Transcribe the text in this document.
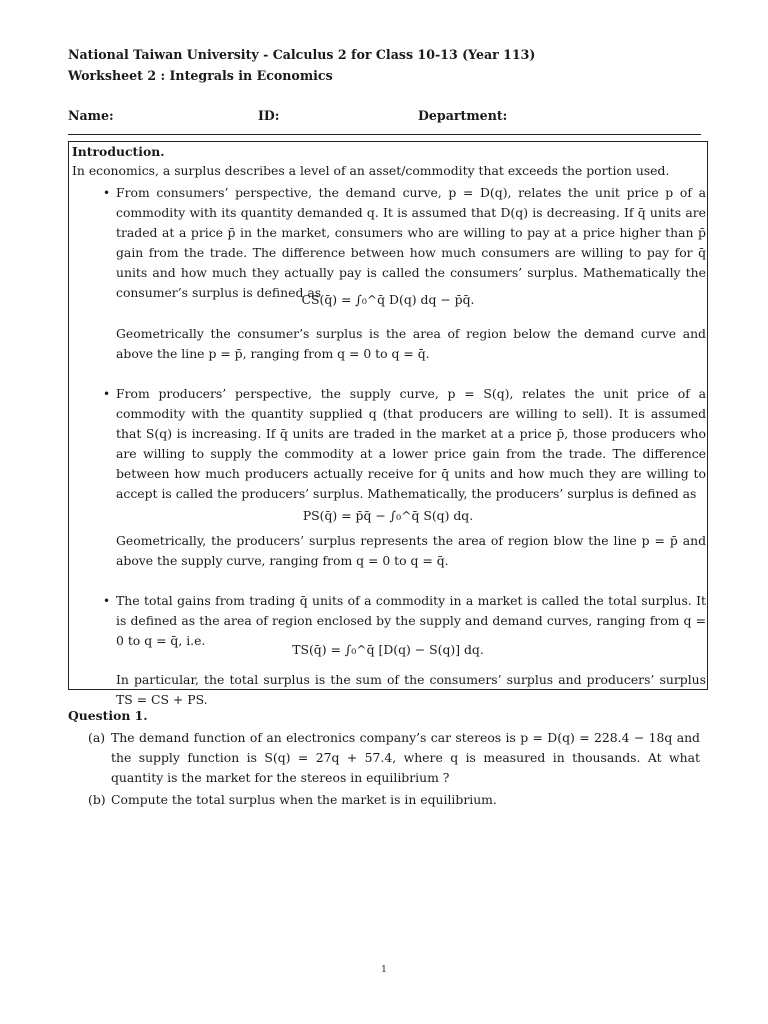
National Taiwan University - Calculus 2 for Class 10-13 (Year 113)
Worksheet 2 : Integrals in Economics
Name:	ID:	Department:
Introduction.
In economics, a surplus describes a level of an asset/commodity that exceeds the portion used.
• From consumers’ perspective, the demand curve, p = D(q), relates the unit price p of a commodity with its quantity demanded q. It is assumed that D(q) is decreasing. If q̄ units are traded at a price p̄ in the market, consumers who are willing to pay at a price higher than p̄ gain from the trade. The difference between how much consumers are willing to pay for q̄ units and how much they actually pay is called the consumers’ surplus. Mathematically the consumer’s surplus is defined as
CS(q̄) = ∫₀^q̄ D(q) dq − p̄q̄.
Geometrically the consumer’s surplus is the area of region below the demand curve and above the line p = p̄, ranging from q = 0 to q = q̄.
• From producers’ perspective, the supply curve, p = S(q), relates the unit price of a commodity with the quantity supplied q (that producers are willing to sell). It is assumed that S(q) is increasing. If q̄ units are traded in the market at a price p̄, those producers who are willing to supply the commodity at a lower price gain from the trade. The difference between how much producers actually receive for q̄ units and how much they are willing to accept is called the producers’ surplus. Mathematically, the producers’ surplus is defined as
PS(q̄) = p̄q̄ − ∫₀^q̄ S(q) dq.
Geometrically, the producers’ surplus represents the area of region blow the line p = p̄ and above the supply curve, ranging from q = 0 to q = q̄.
• The total gains from trading q̄ units of a commodity in a market is called the total surplus. It is defined as the area of region enclosed by the supply and demand curves, ranging from q = 0 to q = q̄, i.e.
TS(q̄) = ∫₀^q̄ [D(q) − S(q)] dq.
In particular, the total surplus is the sum of the consumers’ surplus and producers’ surplus TS = CS + PS.
Question 1.
(a) The demand function of an electronics company’s car stereos is p = D(q) = 228.4 − 18q and the supply function is S(q) = 27q + 57.4, where q is measured in thousands. At what quantity is the market for the stereos in equilibrium ?
(b) Compute the total surplus when the market is in equilibrium.
1
